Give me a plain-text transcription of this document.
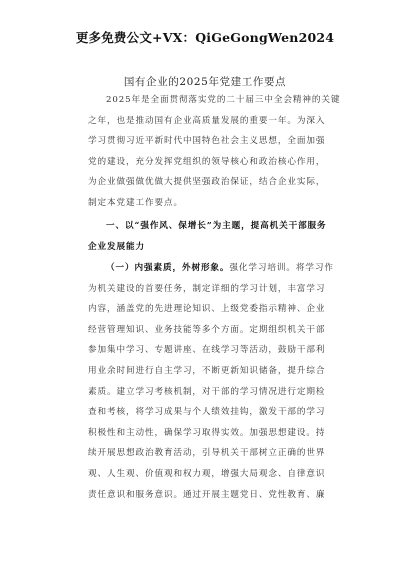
更多免费公文+VX：QiGeGongWen2024
国有企业的2025年党建工作要点
2025年是全面贯彻落实党的二十届三中全会精神的关键
之年，也是推动国有企业高质量发展的重要一年。为深入
学习贯彻习近平新时代中国特色社会主义思想，全面加强
党的建设，充分发挥党组织的领导核心和政治核心作用，
为企业做强做优做大提供坚强政治保证，结合企业实际，
制定本党建工作要点。
一、以“强作风、保增长”为主题，提高机关干部服务
企业发展能力
（一）内强素质，外树形象。强化学习培训。将学习作
为机关建设的首要任务，制定详细的学习计划，丰富学习
内容，涵盖党的先进理论知识、上级党委指示精神、企业
经营管理知识、业务技能等多个方面。定期组织机关干部
参加集中学习、专题讲座、在线学习等活动，鼓励干部利
用业余时间进行自主学习，不断更新知识储备，提升综合
素质。建立学习考核机制，对干部的学习情况进行定期检
查和考核，将学习成果与个人绩效挂钩，激发干部的学习
积极性和主动性，确保学习取得实效。加强思想建设。持
续开展思想政治教育活动，引导机关干部树立正确的世界
观、人生观、价值观和权力观，增强大局观念、自律意识
责任意识和服务意识。通过开展主题党日、党性教育、廉
